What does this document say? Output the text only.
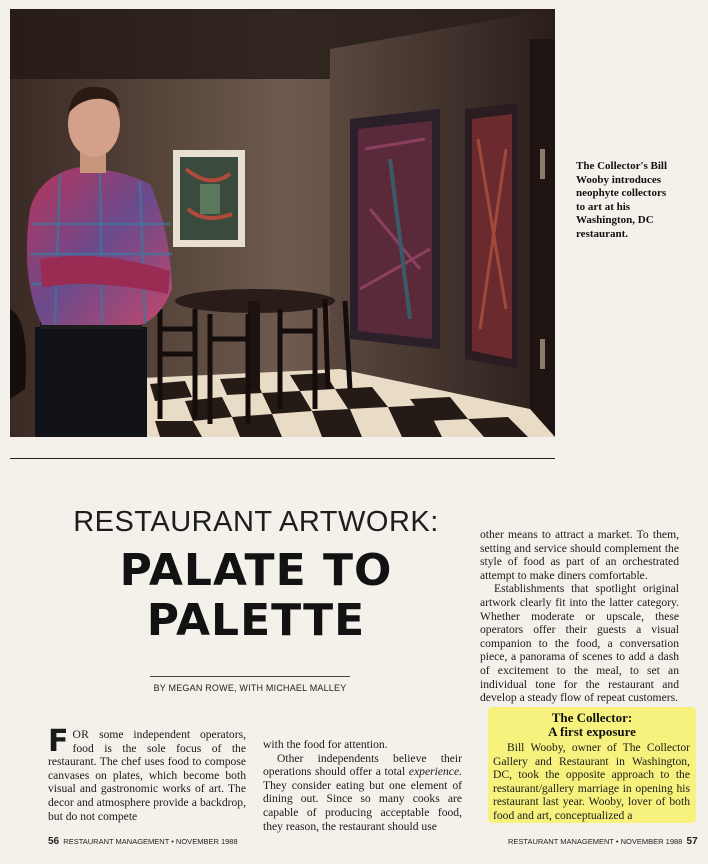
The Collector's Bill
Wooby introduces
neophyte collectors
to art at his
Washington, DC
restaurant.
RESTAURANT ARTWORK:
PALATE TO
PALETTE
BY MEGAN ROWE, WITH MICHAEL MALLEY

FOR some independent operators, food is the sole focus of the restaurant. The chef uses food to compose canvases on plates, which become both visual and gastronomic works of art. The decor and atmosphere provide a backdrop, but do not compete

with the food for attention.

Other independents believe their operations should offer a total experience. They consider eating but one element of dining out. Since so many cooks are capable of producing acceptable food, they reason, the restaurant should use

other means to attract a market. To them, setting and service should complement the style of food as part of an orchestrated attempt to make diners comfortable.

Establishments that spotlight original artwork clearly fit into the latter category. Whether moderate or upscale, these operators offer their guests a visual companion to the food, a conversation piece, a panorama of scenes to add a dash of excitement to the meal, to set an individual tone for the restaurant and develop a steady flow of repeat customers.

The Collector:
A first exposure
Bill Wooby, owner of The Collector Gallery and Restaurant in Washington, DC, took the opposite approach to the restaurant/gallery marriage in opening his restaurant last year. Wooby, lover of both food and art, conceptualized a
56 RESTAURANT MANAGEMENT • NOVEMBER 1988	RESTAURANT MANAGEMENT • NOVEMBER 1988 57
